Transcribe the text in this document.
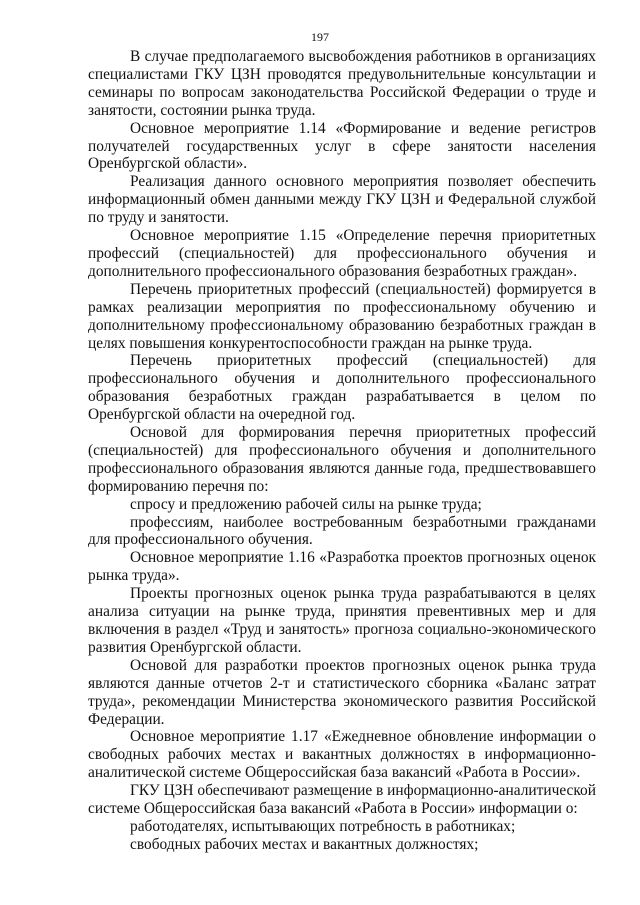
197

В случае предполагаемого высвобождения работников в организациях специалистами ГКУ ЦЗН проводятся предувольнительные консультации и семинары по вопросам законодательства Российской Федерации о труде и занятости, состоянии рынка труда.

Основное мероприятие 1.14 «Формирование и ведение регистров получателей государственных услуг в сфере занятости населения Оренбургской области».

Реализация данного основного мероприятия позволяет обеспечить информационный обмен данными между ГКУ ЦЗН и Федеральной службой по труду и занятости.

Основное мероприятие 1.15 «Определение перечня приоритетных профессий (специальностей) для профессионального обучения и дополнительного профессионального образования безработных граждан».

Перечень приоритетных профессий (специальностей) формируется в рамках реализации мероприятия по профессиональному обучению и дополнительному профессиональному образованию безработных граждан в целях повышения конкурентоспособности граждан на рынке труда.

Перечень приоритетных профессий (специальностей) для профессионального обучения и дополнительного профессионального образования безработных граждан разрабатывается в целом по Оренбургской области на очередной год.

Основой для формирования перечня приоритетных профессий (специальностей) для профессионального обучения и дополнительного профессионального образования являются данные года, предшествовавшего формированию перечня по:

спросу и предложению рабочей силы на рынке труда;

профессиям, наиболее востребованным безработными гражданами для профессионального обучения.

Основное мероприятие 1.16 «Разработка проектов прогнозных оценок рынка труда».

Проекты прогнозных оценок рынка труда разрабатываются в целях анализа ситуации на рынке труда, принятия превентивных мер и для включения в раздел «Труд и занятость» прогноза социально-экономического развития Оренбургской области.

Основой для разработки проектов прогнозных оценок рынка труда являются данные отчетов 2-т и статистического сборника «Баланс затрат труда», рекомендации Министерства экономического развития Российской Федерации.

Основное мероприятие 1.17 «Ежедневное обновление информации о свободных рабочих местах и вакантных должностях в информационно-аналитической системе Общероссийская база вакансий «Работа в России».

ГКУ ЦЗН обеспечивают размещение в информационно-аналитической системе Общероссийская база вакансий «Работа в России» информации о:

работодателях, испытывающих потребность в работниках;

свободных рабочих местах и вакантных должностях;
